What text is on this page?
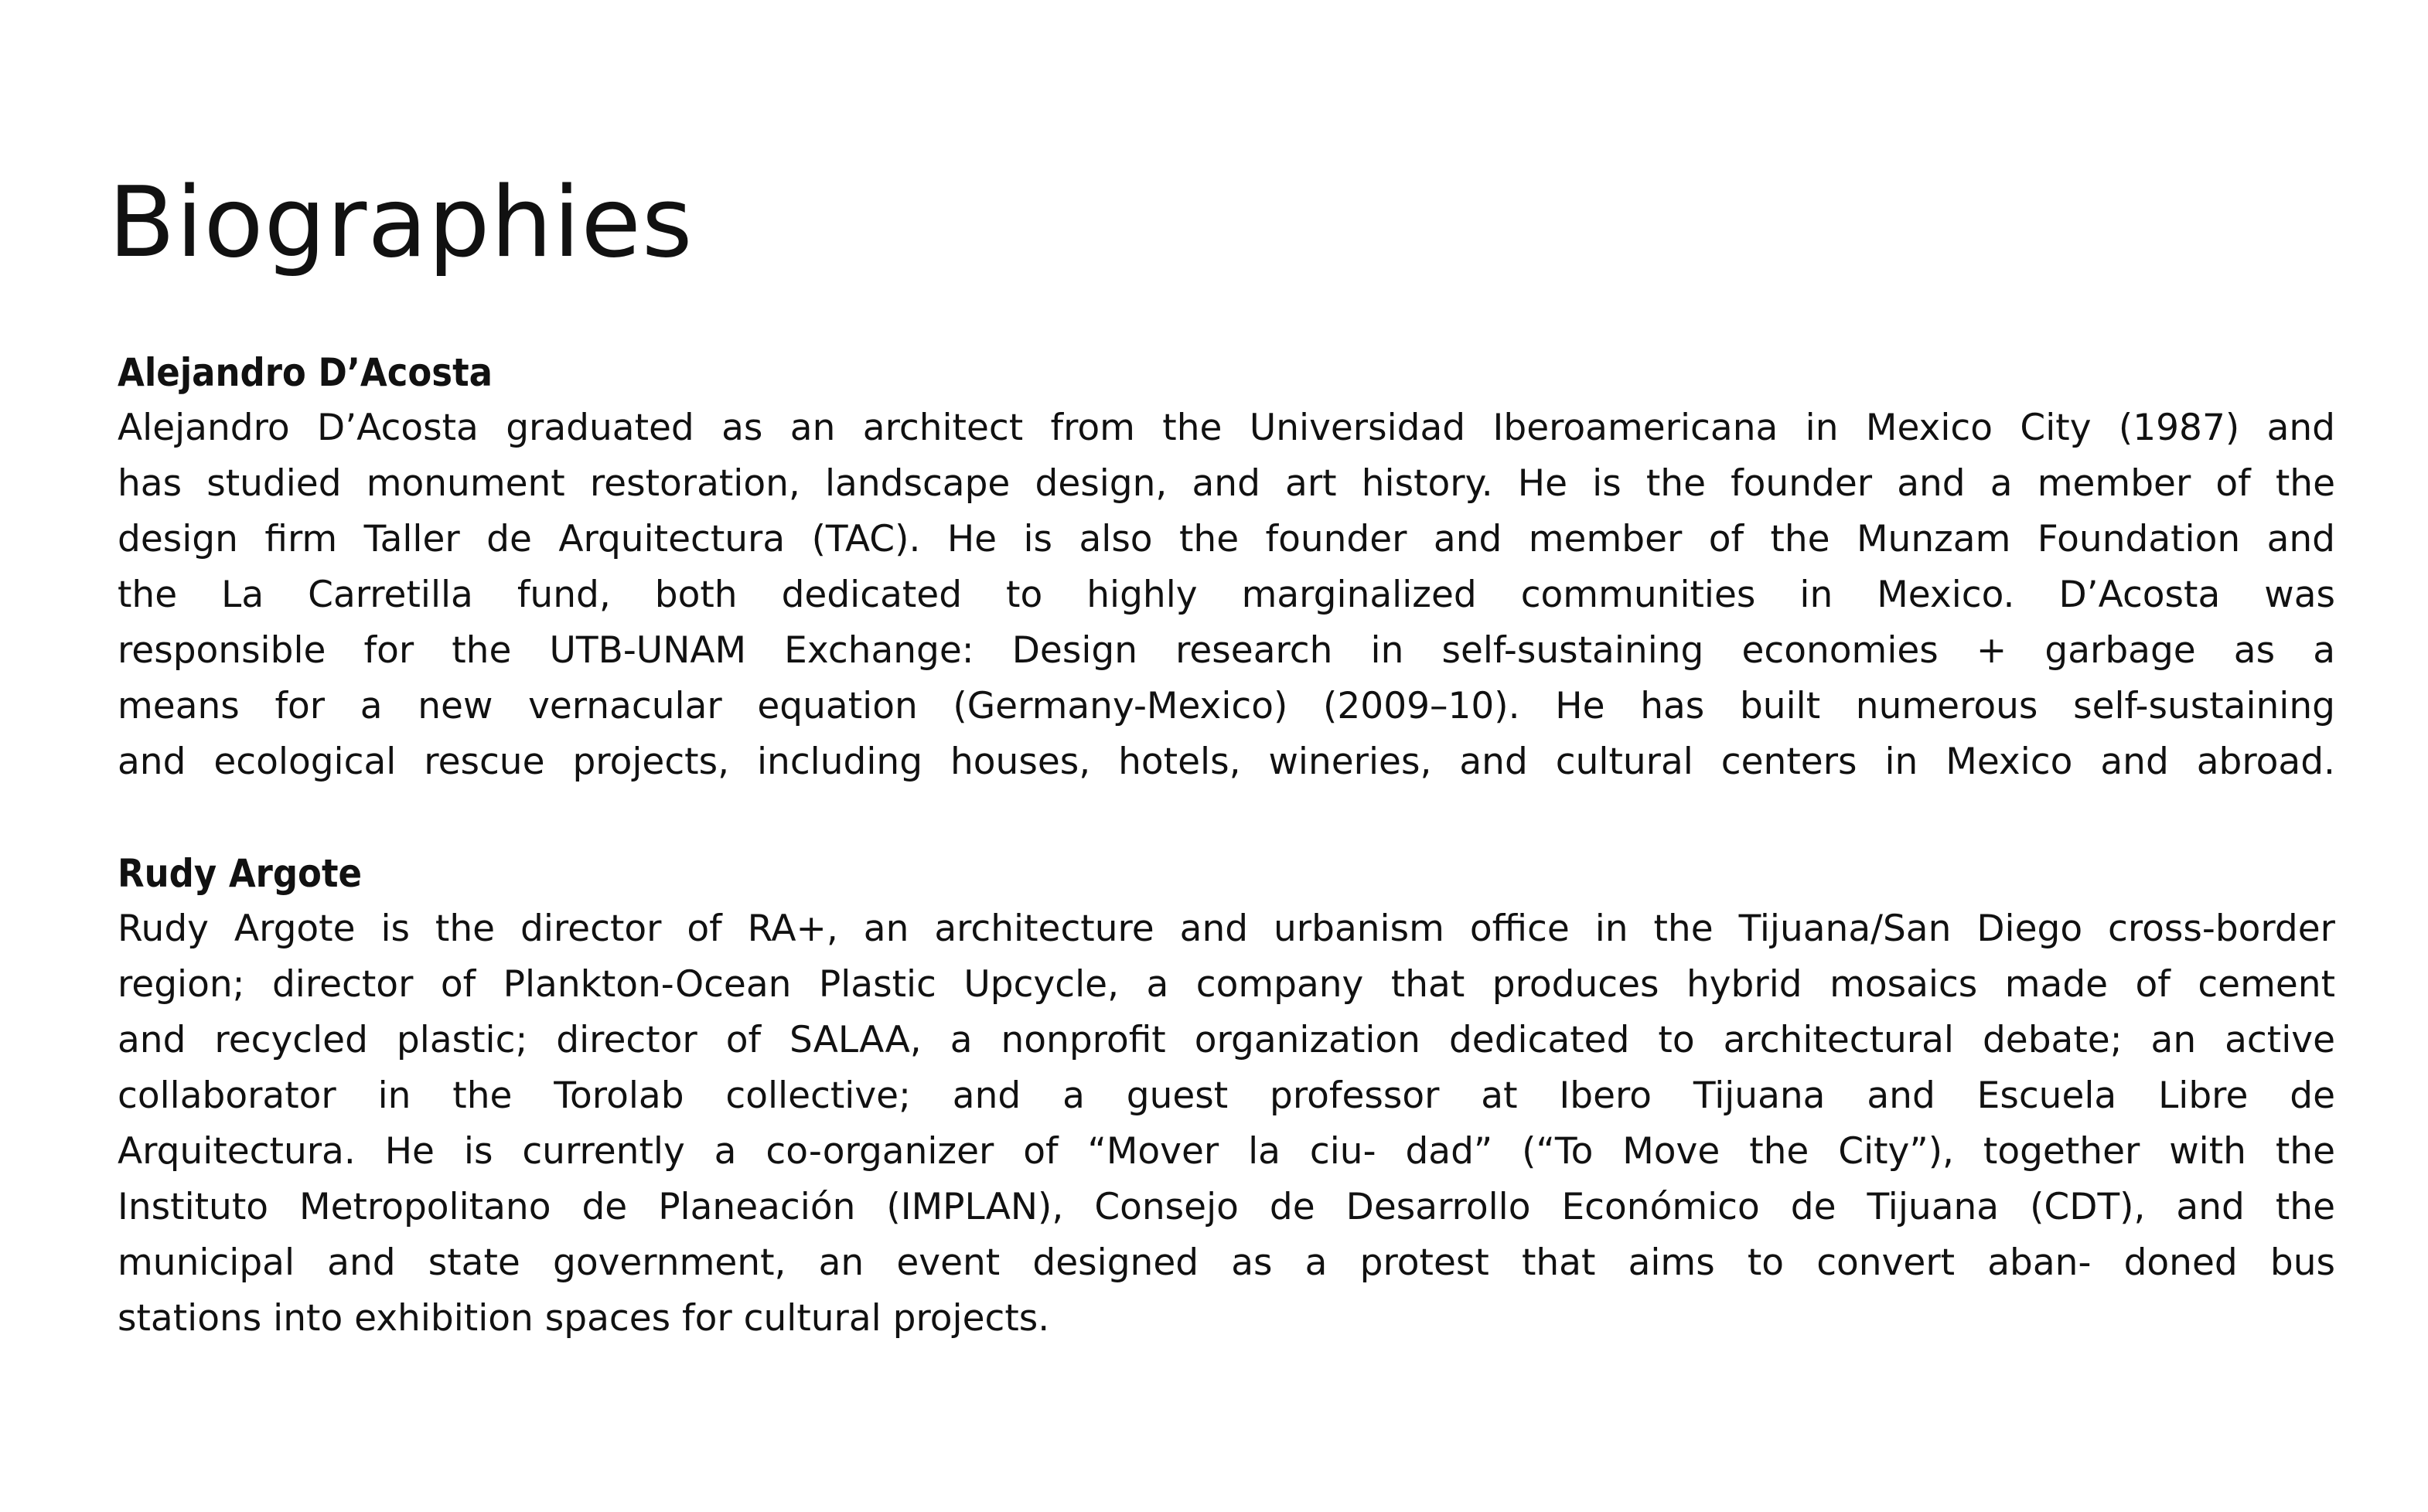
Biographies
Alejandro D’Acosta

Alejandro D’Acosta graduated as an architect from the Universidad Iberoamericana in Mexico City (1987) and
has studied monument restoration, landscape design, and art history. He is the founder and a member of the
design firm Taller de Arquitectura (TAC). He is also the founder and member of the Munzam Foundation and
the La Carretilla fund, both dedicated to highly marginalized communities in Mexico. D’Acosta was
responsible for the UTB-UNAM Exchange: Design research in self-sustaining economies + garbage as a
means for a new vernacular equation (Germany-Mexico) (2009–10). He has built numerous self-sustaining
and ecological rescue projects, including houses, hotels, wineries, and cultural centers in Mexico and abroad.

Rudy Argote

Rudy Argote is the director of RA+, an architecture and urbanism office in the Tijuana/San Diego cross-border
region; director of Plankton-Ocean Plastic Upcycle, a company that produces hybrid mosaics made of cement
and recycled plastic; director of SALAA, a nonprofit organization dedicated to architectural debate; an active
collaborator in the Torolab collective; and a guest professor at Ibero Tijuana and Escuela Libre de
Arquitectura. He is currently a co-organizer of “Mover la ciu- dad” (“To Move the City”), together with the
Instituto Metropolitano de Planeación (IMPLAN), Consejo de Desarrollo Económico de Tijuana (CDT), and the
municipal and state government, an event designed as a protest that aims to convert aban- doned bus
stations into exhibition spaces for cultural projects.
